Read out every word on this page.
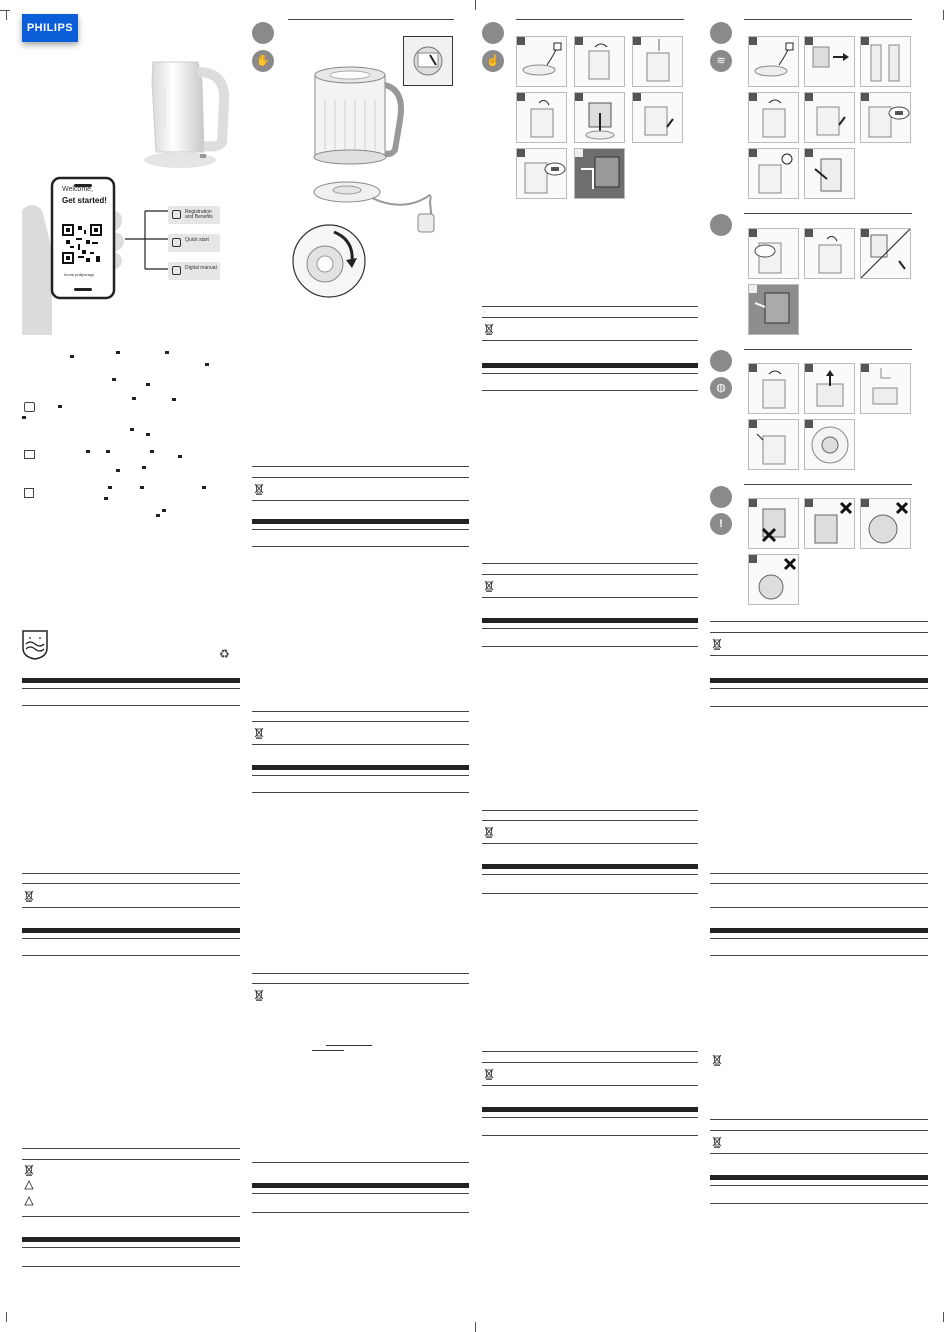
PHILIPS
Welcome,
Get started!
home.philips/app
Registration and Benefits
Quick start
Digital manual
♻
✋	☝	≋
◍
!
